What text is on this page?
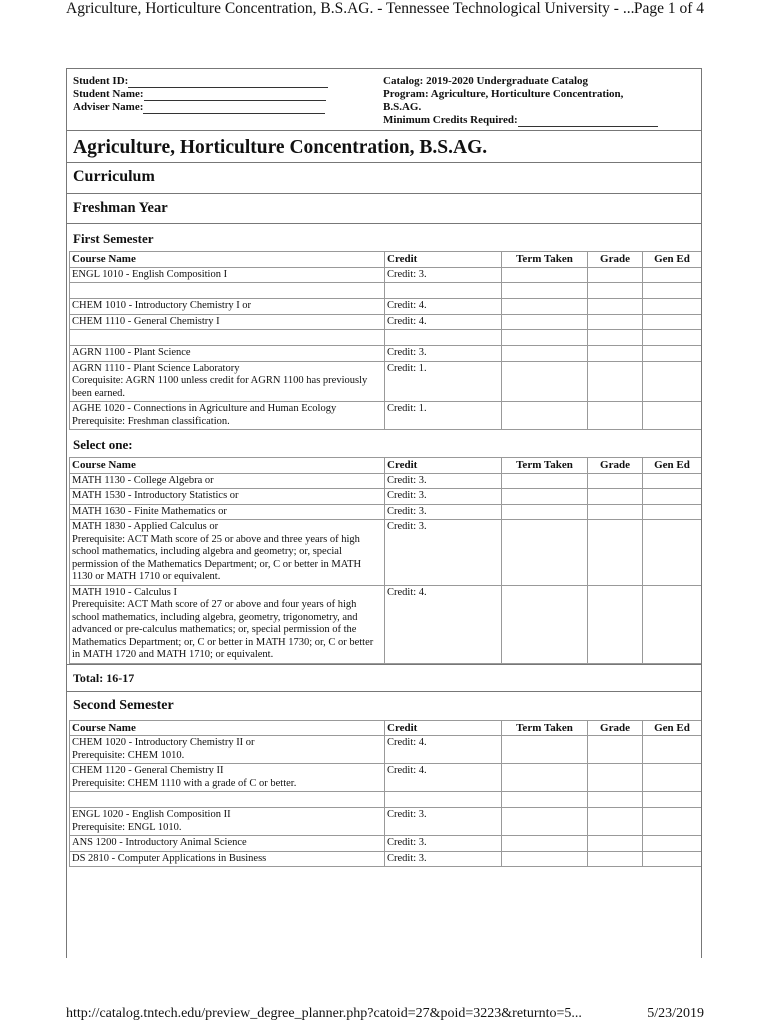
Agriculture, Horticulture Concentration, B.S.AG. - Tennessee Technological University - ... Page 1 of 4
Student ID:
Student Name:
Adviser Name:
Catalog: 2019-2020 Undergraduate Catalog
Program: Agriculture, Horticulture Concentration,
B.S.AG.
Minimum Credits Required:
Agriculture, Horticulture Concentration, B.S.AG.
Curriculum
Freshman Year
First Semester
Course Name	Credit	Term Taken	Grade	Gen Ed

ENGL 1010 - English Composition I	Credit: 3.			

CHEM 1010 - Introductory Chemistry I or	Credit: 4.			

CHEM 1110 - General Chemistry I	Credit: 4.			

AGRN 1100 - Plant Science	Credit: 3.			

AGRN 1110 - Plant Science Laboratory
Corequisite: AGRN 1100 unless credit for AGRN 1100 has previously been earned.	Credit: 1.			

AGHE 1020 - Connections in Agriculture and Human Ecology
Prerequisite: Freshman classification.	Credit: 1.			
Select one:
Course Name	Credit	Term Taken	Grade	Gen Ed

MATH 1130 - College Algebra or	Credit: 3.			

MATH 1530 - Introductory Statistics or	Credit: 3.			

MATH 1630 - Finite Mathematics or	Credit: 3.			

MATH 1830 - Applied Calculus or
Prerequisite: ACT Math score of 25 or above and three years of high school mathematics, including algebra and geometry; or, special permission of the Mathematics Department; or, C or better in MATH 1130 or MATH 1710 or equivalent.	Credit: 3.			

MATH 1910 - Calculus I
Prerequisite: ACT Math score of 27 or above and four years of high school mathematics, including algebra, geometry, trigonometry, and advanced or pre-calculus mathematics; or, special permission of the Mathematics Department; or, C or better in MATH 1730; or, C or better in MATH 1720 and MATH 1710; or equivalent.	Credit: 4.			
Total: 16-17
Second Semester
Course Name	Credit	Term Taken	Grade	Gen Ed

CHEM 1020 - Introductory Chemistry II or
Prerequisite: CHEM 1010.	Credit: 4.			

CHEM 1120 - General Chemistry II
Prerequisite: CHEM 1110 with a grade of C or better.	Credit: 4.			

ENGL 1020 - English Composition II
Prerequisite: ENGL 1010.	Credit: 3.			

ANS 1200 - Introductory Animal Science	Credit: 3.			

DS 2810 - Computer Applications in Business	Credit: 3.			
http://catalog.tntech.edu/preview_degree_planner.php?catoid=27&poid=3223&returnto=5...	5/23/2019
